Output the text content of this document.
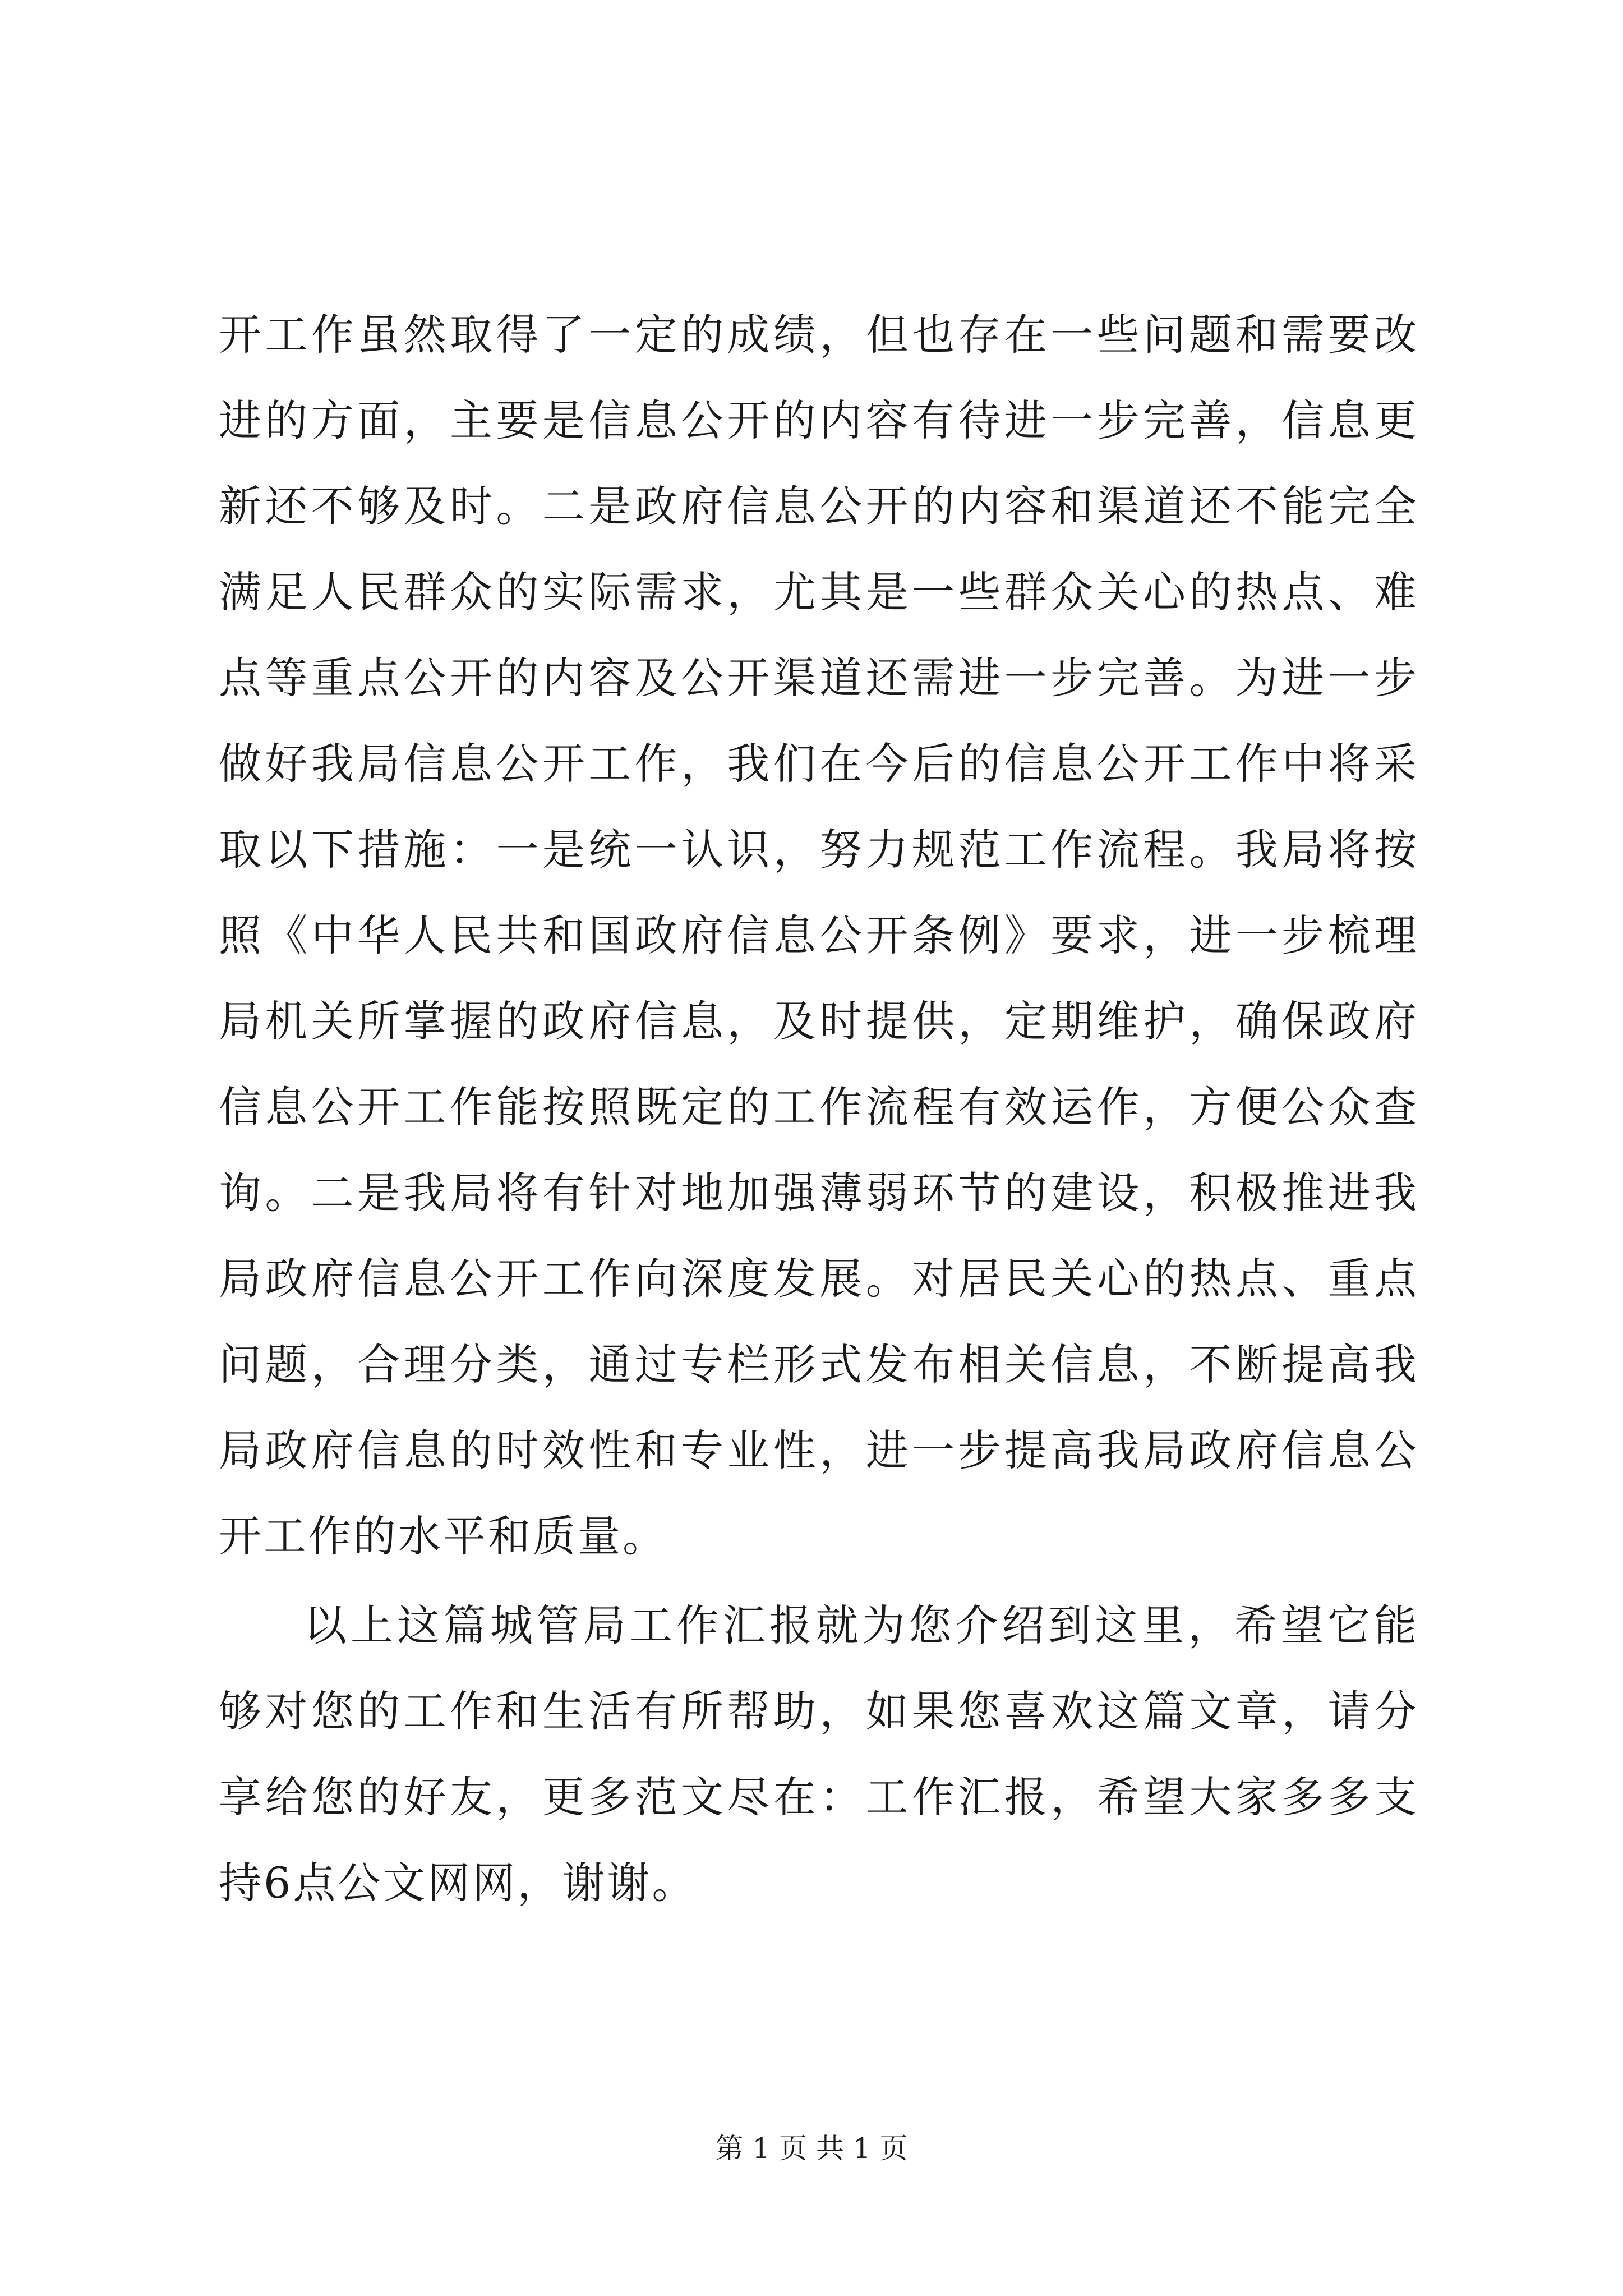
开工作虽然取得了一定的成绩，但也存在一些问题和需要改进的方面，主要是信息公开的内容有待进一步完善，信息更新还不够及时。二是政府信息公开的内容和渠道还不能完全满足人民群众的实际需求，尤其是一些群众关心的热点、难点等重点公开的内容及公开渠道还需进一步完善。为进一步做好我局信息公开工作，我们在今后的信息公开工作中将采取以下措施：一是统一认识，努力规范工作流程。我局将按照《中华人民共和国政府信息公开条例》要求，进一步梳理局机关所掌握的政府信息，及时提供，定期维护，确保政府信息公开工作能按照既定的工作流程有效运作，方便公众查询。二是我局将有针对地加强薄弱环节的建设，积极推进我局政府信息公开工作向深度发展。对居民关心的热点、重点问题，合理分类，通过专栏形式发布相关信息，不断提高我局政府信息的时效性和专业性，进一步提高我局政府信息公开工作的水平和质量。

以上这篇城管局工作汇报就为您介绍到这里，希望它能够对您的工作和生活有所帮助，如果您喜欢这篇文章，请分享给您的好友，更多范文尽在：工作汇报，希望大家多多支持6点公文网网，谢谢。

第 1 页 共 1 页
